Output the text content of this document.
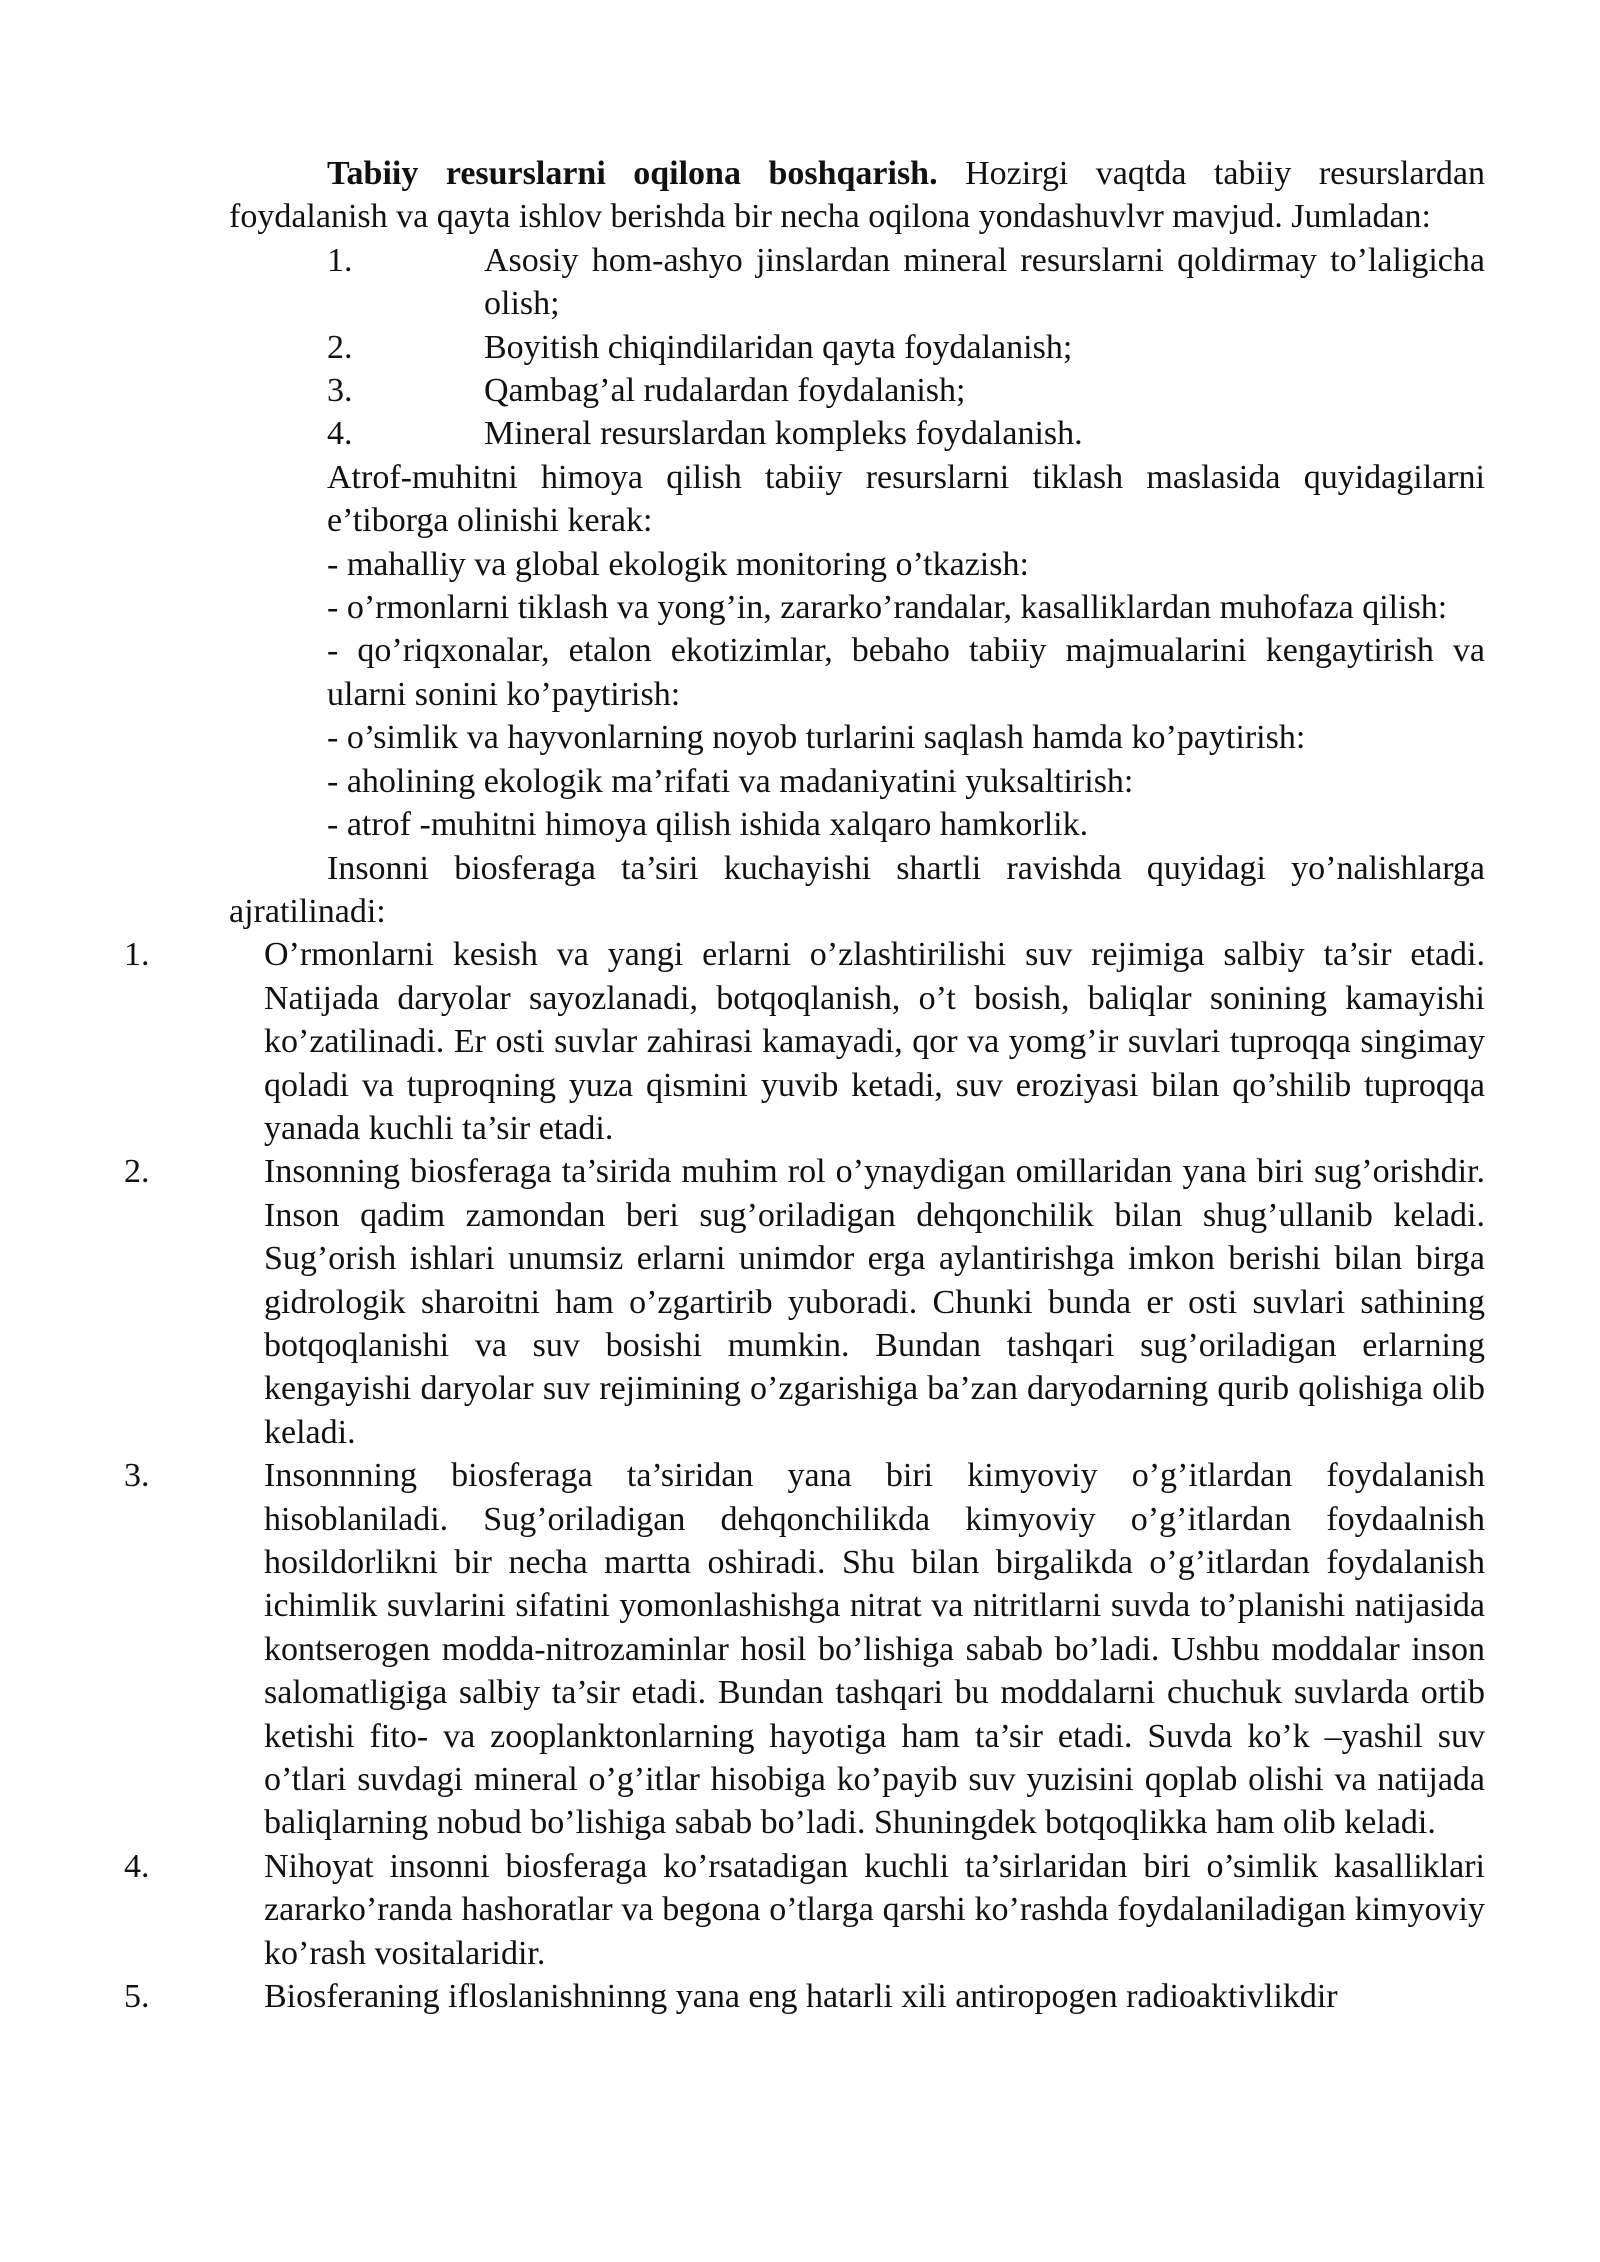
Tabiiy resurslarni oqilona boshqarish. Hozirgi vaqtda tabiiy resurslardan foydalanish va qayta ishlov berishda bir necha oqilona yondashuvlvr mavjud. Jumladan:

1.	Asosiy hom-ashyo jinslardan mineral resurslarni qoldirmay to’laligicha olish;
2.	Boyitish chiqindilaridan qayta foydalanish;
3.	Qambag’al rudalardan foydalanish;
4.	Mineral resurslardan kompleks foydalanish.

Atrof-muhitni himoya qilish tabiiy resurslarni tiklash maslasida quyidagilarni e’tiborga olinishi kerak:

- mahalliy va global ekologik monitoring o’tkazish:

- o’rmonlarni tiklash va yong’in, zararko’randalar, kasalliklardan muhofaza qilish:

- qo’riqxonalar, etalon ekotizimlar, bebaho tabiiy majmualarini kengaytirish va ularni sonini ko’paytirish:

- o’simlik va hayvonlarning noyob turlarini saqlash hamda ko’paytirish:

- aholining ekologik ma’rifati va madaniyatini yuksaltirish:

- atrof -muhitni himoya qilish ishida xalqaro hamkorlik.

Insonni biosferaga ta’siri kuchayishi shartli ravishda quyidagi yo’nalishlarga ajratilinadi:

1.	O’rmonlarni kesish va yangi erlarni o’zlashtirilishi suv rejimiga salbiy ta’sir etadi. Natijada daryolar sayozlanadi, botqoqlanish, o’t bosish, baliqlar sonining kamayishi ko’zatilinadi. Er osti suvlar zahirasi kamayadi, qor va yomg’ir suvlari tuproqqa singimay qoladi va tuproqning yuza qismini yuvib ketadi, suv eroziyasi bilan qo’shilib tuproqqa yanada kuchli ta’sir etadi.
2.	Insonning biosferaga ta’sirida muhim rol o’ynaydigan omillaridan yana biri sug’orishdir. Inson qadim zamondan beri sug’oriladigan dehqonchilik bilan shug’ullanib keladi. Sug’orish ishlari unumsiz erlarni unimdor erga aylantirishga imkon berishi bilan birga gidrologik sharoitni ham o’zgartirib yuboradi. Chunki bunda er osti suvlari sathining botqoqlanishi va suv bosishi mumkin. Bundan tashqari sug’oriladigan erlarning kengayishi daryolar suv rejimining o’zgarishiga ba’zan daryodarning qurib qolishiga olib keladi.
3.	Insonnning biosferaga ta’siridan yana biri kimyoviy o’g’itlardan foydalanish hisoblaniladi. Sug’oriladigan dehqonchilikda kimyoviy o’g’itlardan foydaalnish hosildorlikni bir necha martta oshiradi. Shu bilan birgalikda o’g’itlardan foydalanish ichimlik suvlarini sifatini yomonlashishga nitrat va nitritlarni suvda to’planishi natijasida kontserogen modda-nitrozaminlar hosil bo’lishiga sabab bo’ladi. Ushbu moddalar inson salomatligiga salbiy ta’sir etadi. Bundan tashqari bu moddalarni chuchuk suvlarda ortib ketishi fito- va zooplanktonlarning hayotiga ham ta’sir etadi. Suvda ko’k –yashil suv o’tlari suvdagi mineral o’g’itlar hisobiga ko’payib suv yuzisini qoplab olishi va natijada baliqlarning nobud bo’lishiga sabab bo’ladi. Shuningdek botqoqlikka ham olib keladi.
4.	Nihoyat insonni biosferaga ko’rsatadigan kuchli ta’sirlaridan biri o’simlik kasalliklari zararko’randa hashoratlar va begona o’tlarga qarshi ko’rashda foydalaniladigan kimyoviy ko’rash vositalaridir.
5.	Biosferaning ifloslanishninng yana eng hatarli xili antiropogen radioaktivlikdir
